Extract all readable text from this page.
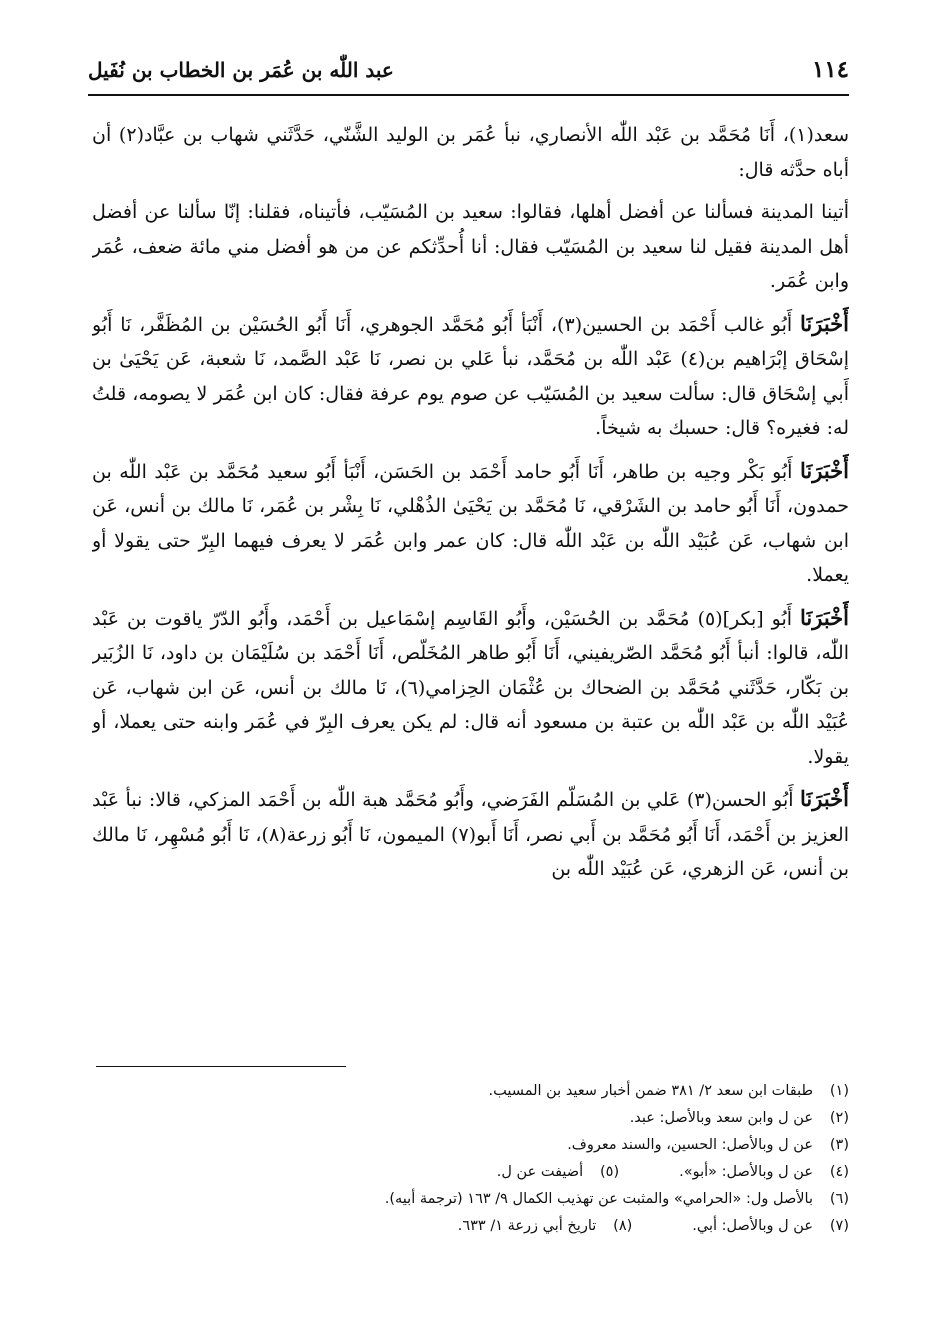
١١٤
عبد اللّٰه بن عُمَر بن الخطاب بن نُفَيل

سعد(١)، أَنَا مُحَمَّد بن عَبْد اللّٰه الأنصاري، نبأ عُمَر بن الوليد الشَّنّي، حَدَّثَني شهاب بن عبَّاد(٢) أن أباه حدَّثه قال:

أتينا المدينة فسألنا عن أفضل أهلها، فقالوا: سعيد بن المُسَيّب، فأتيناه، فقلنا: إنّا سألنا عن أفضل أهل المدينة فقيل لنا سعيد بن المُسَيّب فقال: أنا أُحدِّثكم عن من هو أفضل مني مائة ضعف، عُمَر وابن عُمَر.

أَخْبَرَنَا أَبُو غالب أَحْمَد بن الحسين(٣)، أَنْبَأ أَبُو مُحَمَّد الجوهري، أَنَا أَبُو الحُسَيْن بن المُظَفَّر، نَا أَبُو إسْحَاق إبْرَاهيم بن(٤) عَبْد اللّٰه بن مُحَمَّد، نبأ عَلي بن نصر، نَا عَبْد الصَّمد، نَا شعبة، عَن يَحْيَىٰ بن أَبي إسْحَاق قال: سألت سعيد بن المُسَيّب عن صوم يوم عرفة فقال: كان ابن عُمَر لا يصومه، قلتُ له: فغيره؟ قال: حسبك به شيخاً.

أَخْبَرَنَا أَبُو بَكْر وجيه بن طاهر، أَنَا أَبُو حامد أَحْمَد بن الحَسَن، أَنْبَأ أَبُو سعيد مُحَمَّد بن عَبْد اللّٰه بن حمدون، أَنَا أَبُو حامد بن الشَرْقي، نَا مُحَمَّد بن يَحْيَىٰ الذُهْلي، نَا بِشْر بن عُمَر، نَا مالك بن أنس، عَن ابن شهاب، عَن عُبَيْد اللّٰه بن عَبْد اللّٰه قال: كان عمر وابن عُمَر لا يعرف فيهما البِرّ حتى يقولا أو يعملا.

أَخْبَرَنَا أَبُو [بكر](٥) مُحَمَّد بن الحُسَيْن، وأَبُو القَاسِم إسْمَاعيل بن أَحْمَد، وأَبُو الدّرّ ياقوت بن عَبْد اللّٰه، قالوا: أنبأ أَبُو مُحَمَّد الصّريفيني، أَنَا أَبُو طاهر المُخَلّص، أَنَا أَحْمَد بن سُلَيْمَان بن داود، نَا الزُبَير بن بَكّار، حَدَّثَني مُحَمَّد بن الضحاك بن عُثْمَان الحِزامي(٦)، نَا مالك بن أنس، عَن ابن شهاب، عَن عُبَيْد اللّٰه بن عَبْد اللّٰه بن عتبة بن مسعود أنه قال: لم يكن يعرف البِرّ في عُمَر وابنه حتى يعملا، أو يقولا.

أَخْبَرَنَا أَبُو الحسن(٣) عَلي بن المُسَلّم الفَرَضي، وأَبُو مُحَمَّد هبة اللّٰه بن أَحْمَد المزكي، قالا: نبأ عَبْد العزيز بن أَحْمَد، أَنَا أَبُو مُحَمَّد بن أَبي نصر، أَنَا أَبو(٧) الميمون، نَا أَبُو زرعة(٨)، نَا أَبُو مُسْهِر، نَا مالك بن أنس، عَن الزهري، عَن عُبَيْد اللّٰه بن

(١)
طبقات ابن سعد ٢/ ٣٨١ ضمن أخبار سعيد بن المسيب.
(٢)
عن ل وابن سعد وبالأصل: عبد.
(٣)
عن ل وبالأصل: الحسين، والسند معروف.
(٤)
عن ل وبالأصل: «أبو».
(٥)
أضيفت عن ل.
(٦)
بالأصل ول: «الحرامي» والمثبت عن تهذيب الكمال ٩/ ١٦٣ (ترجمة أبيه).
(٧)
عن ل وبالأصل: أبي.
(٨)
تاريخ أبي زرعة ١/ ٦٣٣.
